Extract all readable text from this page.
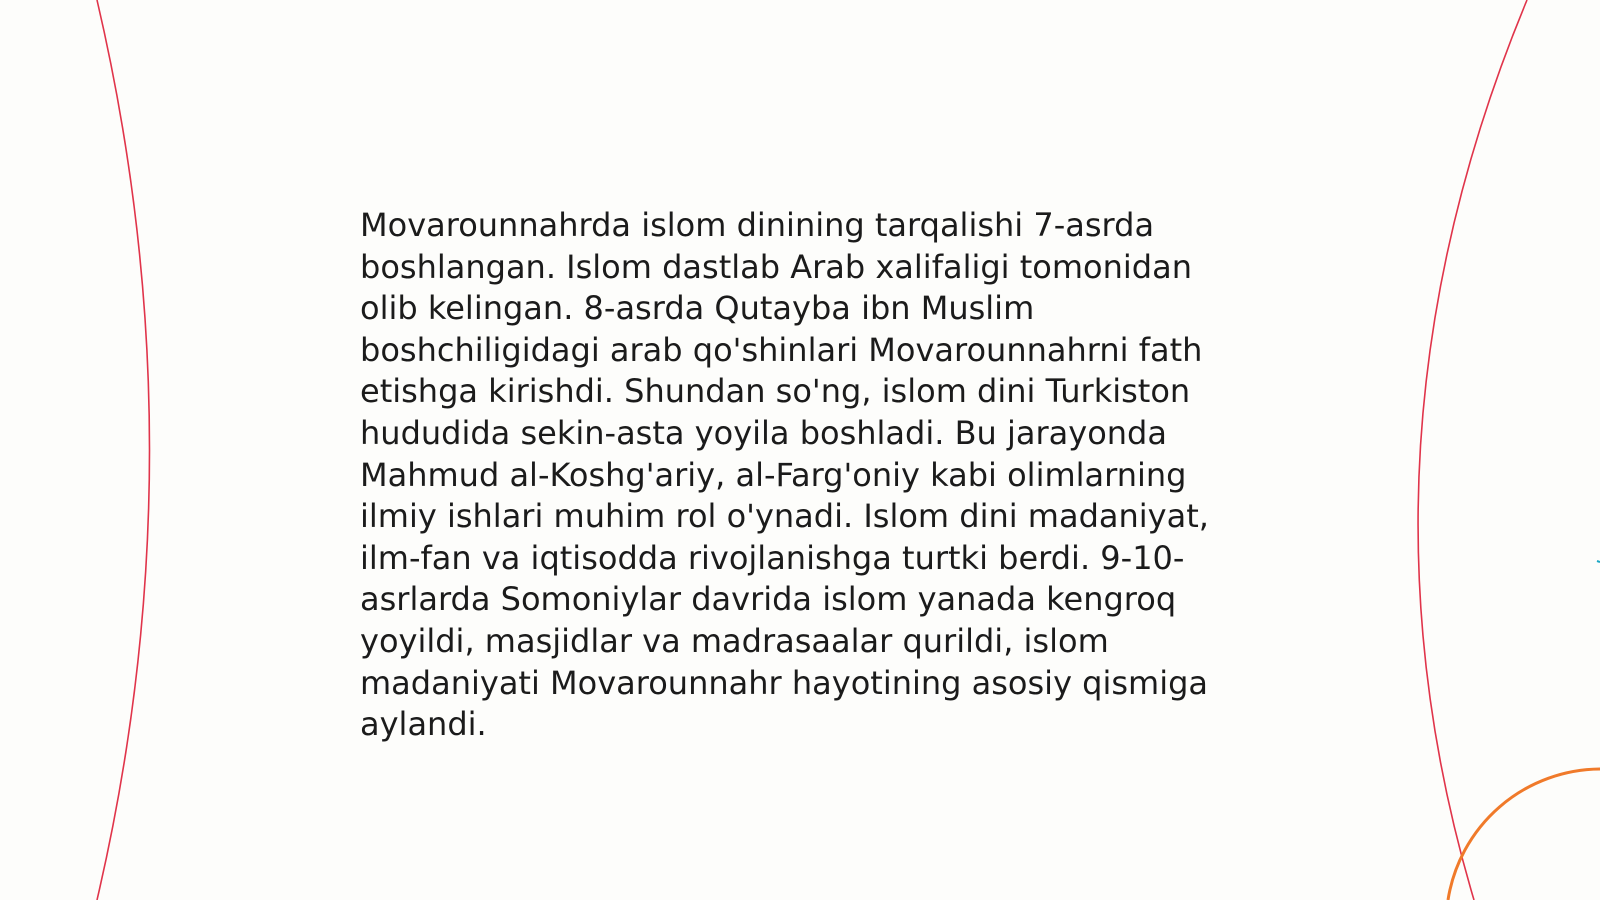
Movarounnahrda islom dinining tarqalishi 7-asrda
boshlangan. Islom dastlab Arab xalifaligi tomonidan
olib kelingan. 8-asrda Qutayba ibn Muslim
boshchiligidagi arab qo'shinlari Movarounnahrni fath
etishga kirishdi. Shundan so'ng, islom dini Turkiston
hududida sekin-asta yoyila boshladi. Bu jarayonda
Mahmud al-Koshg'ariy, al-Farg'oniy kabi olimlarning
ilmiy ishlari muhim rol o'ynadi. Islom dini madaniyat,
ilm-fan va iqtisodda rivojlanishga turtki berdi. 9-10-
asrlarda Somoniylar davrida islom yanada kengroq
yoyildi, masjidlar va madrasaalar qurildi, islom
madaniyati Movarounnahr hayotining asosiy qismiga
aylandi.
